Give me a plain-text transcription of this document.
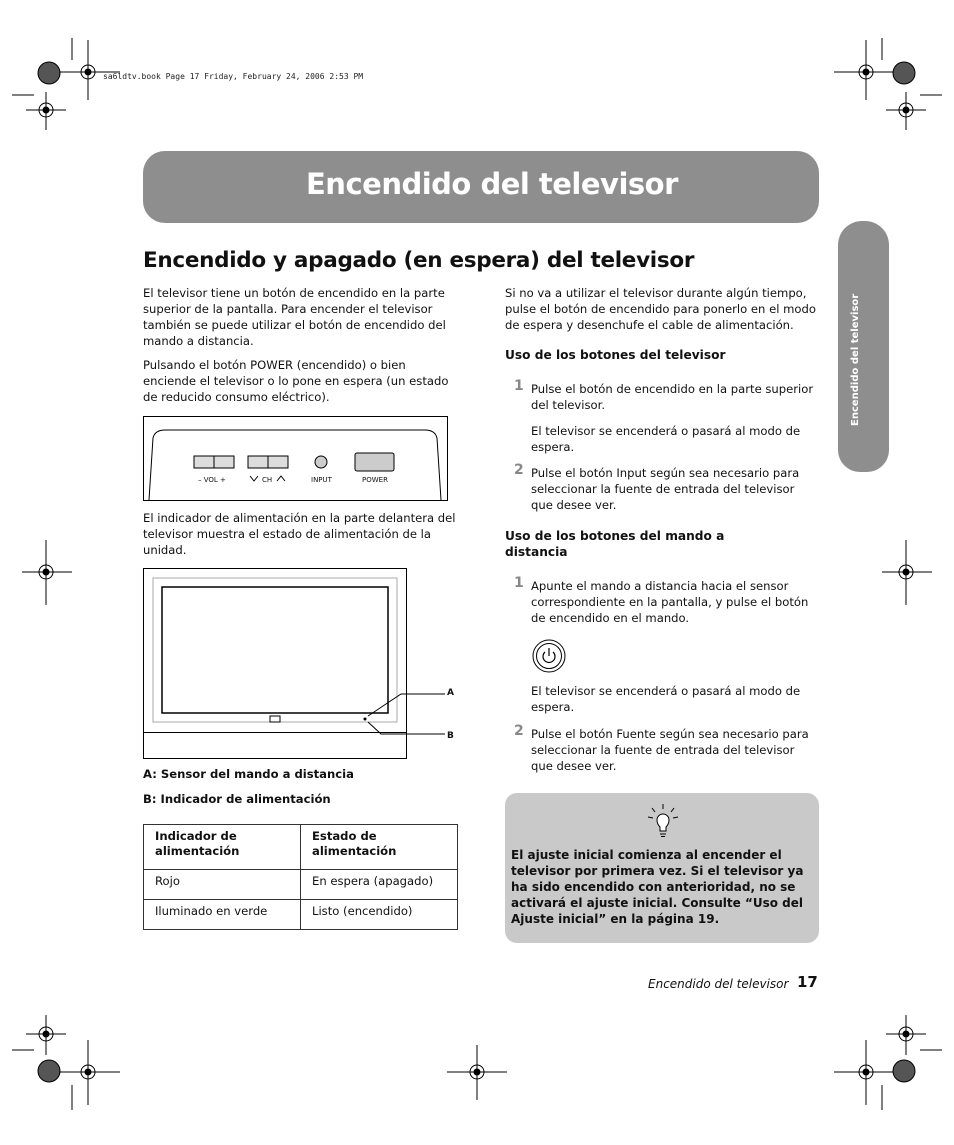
sa6ldtv.book Page 17 Friday, February 24, 2006 2:53 PM
Encendido del televisor
Encendido del televisor
Encendido y apagado (en espera) del televisor
El televisor tiene un botón de encendido en la parte superior de la pantalla. Para encender el televisor también se puede utilizar el botón de encendido del mando a distancia.
Pulsando el botón POWER (encendido) o bien enciende el televisor o lo pone en espera (un estado de reducido consumo eléctrico).
– VOL +	CH	INPUT	POWER
El indicador de alimentación en la parte delantera del televisor muestra el estado de alimentación de la unidad.
A
B
A: Sensor del mando a distancia
B: Indicador de alimentación
Indicador de alimentación	Estado de alimentación
Rojo	En espera (apagado)
Iluminado en verde	Listo (encendido)
Si no va a utilizar el televisor durante algún tiempo, pulse el botón de encendido para ponerlo en el modo de espera y desenchufe el cable de alimentación.
Uso de los botones del televisor
1 Pulse el botón de encendido en la parte superior del televisor.
El televisor se encenderá o pasará al modo de espera.
2 Pulse el botón Input según sea necesario para seleccionar la fuente de entrada del televisor que desee ver.
Uso de los botones del mando a distancia
1 Apunte el mando a distancia hacia el sensor correspondiente en la pantalla, y pulse el botón de encendido en el mando.
El televisor se encenderá o pasará al modo de espera.
2 Pulse el botón Fuente según sea necesario para seleccionar la fuente de entrada del televisor que desee ver.

El ajuste inicial comienza al encender el televisor por primera vez. Si el televisor ya ha sido encendido con anterioridad, no se activará el ajuste inicial. Consulte “Uso del Ajuste inicial” en la página 19.

Encendido del televisor 17
